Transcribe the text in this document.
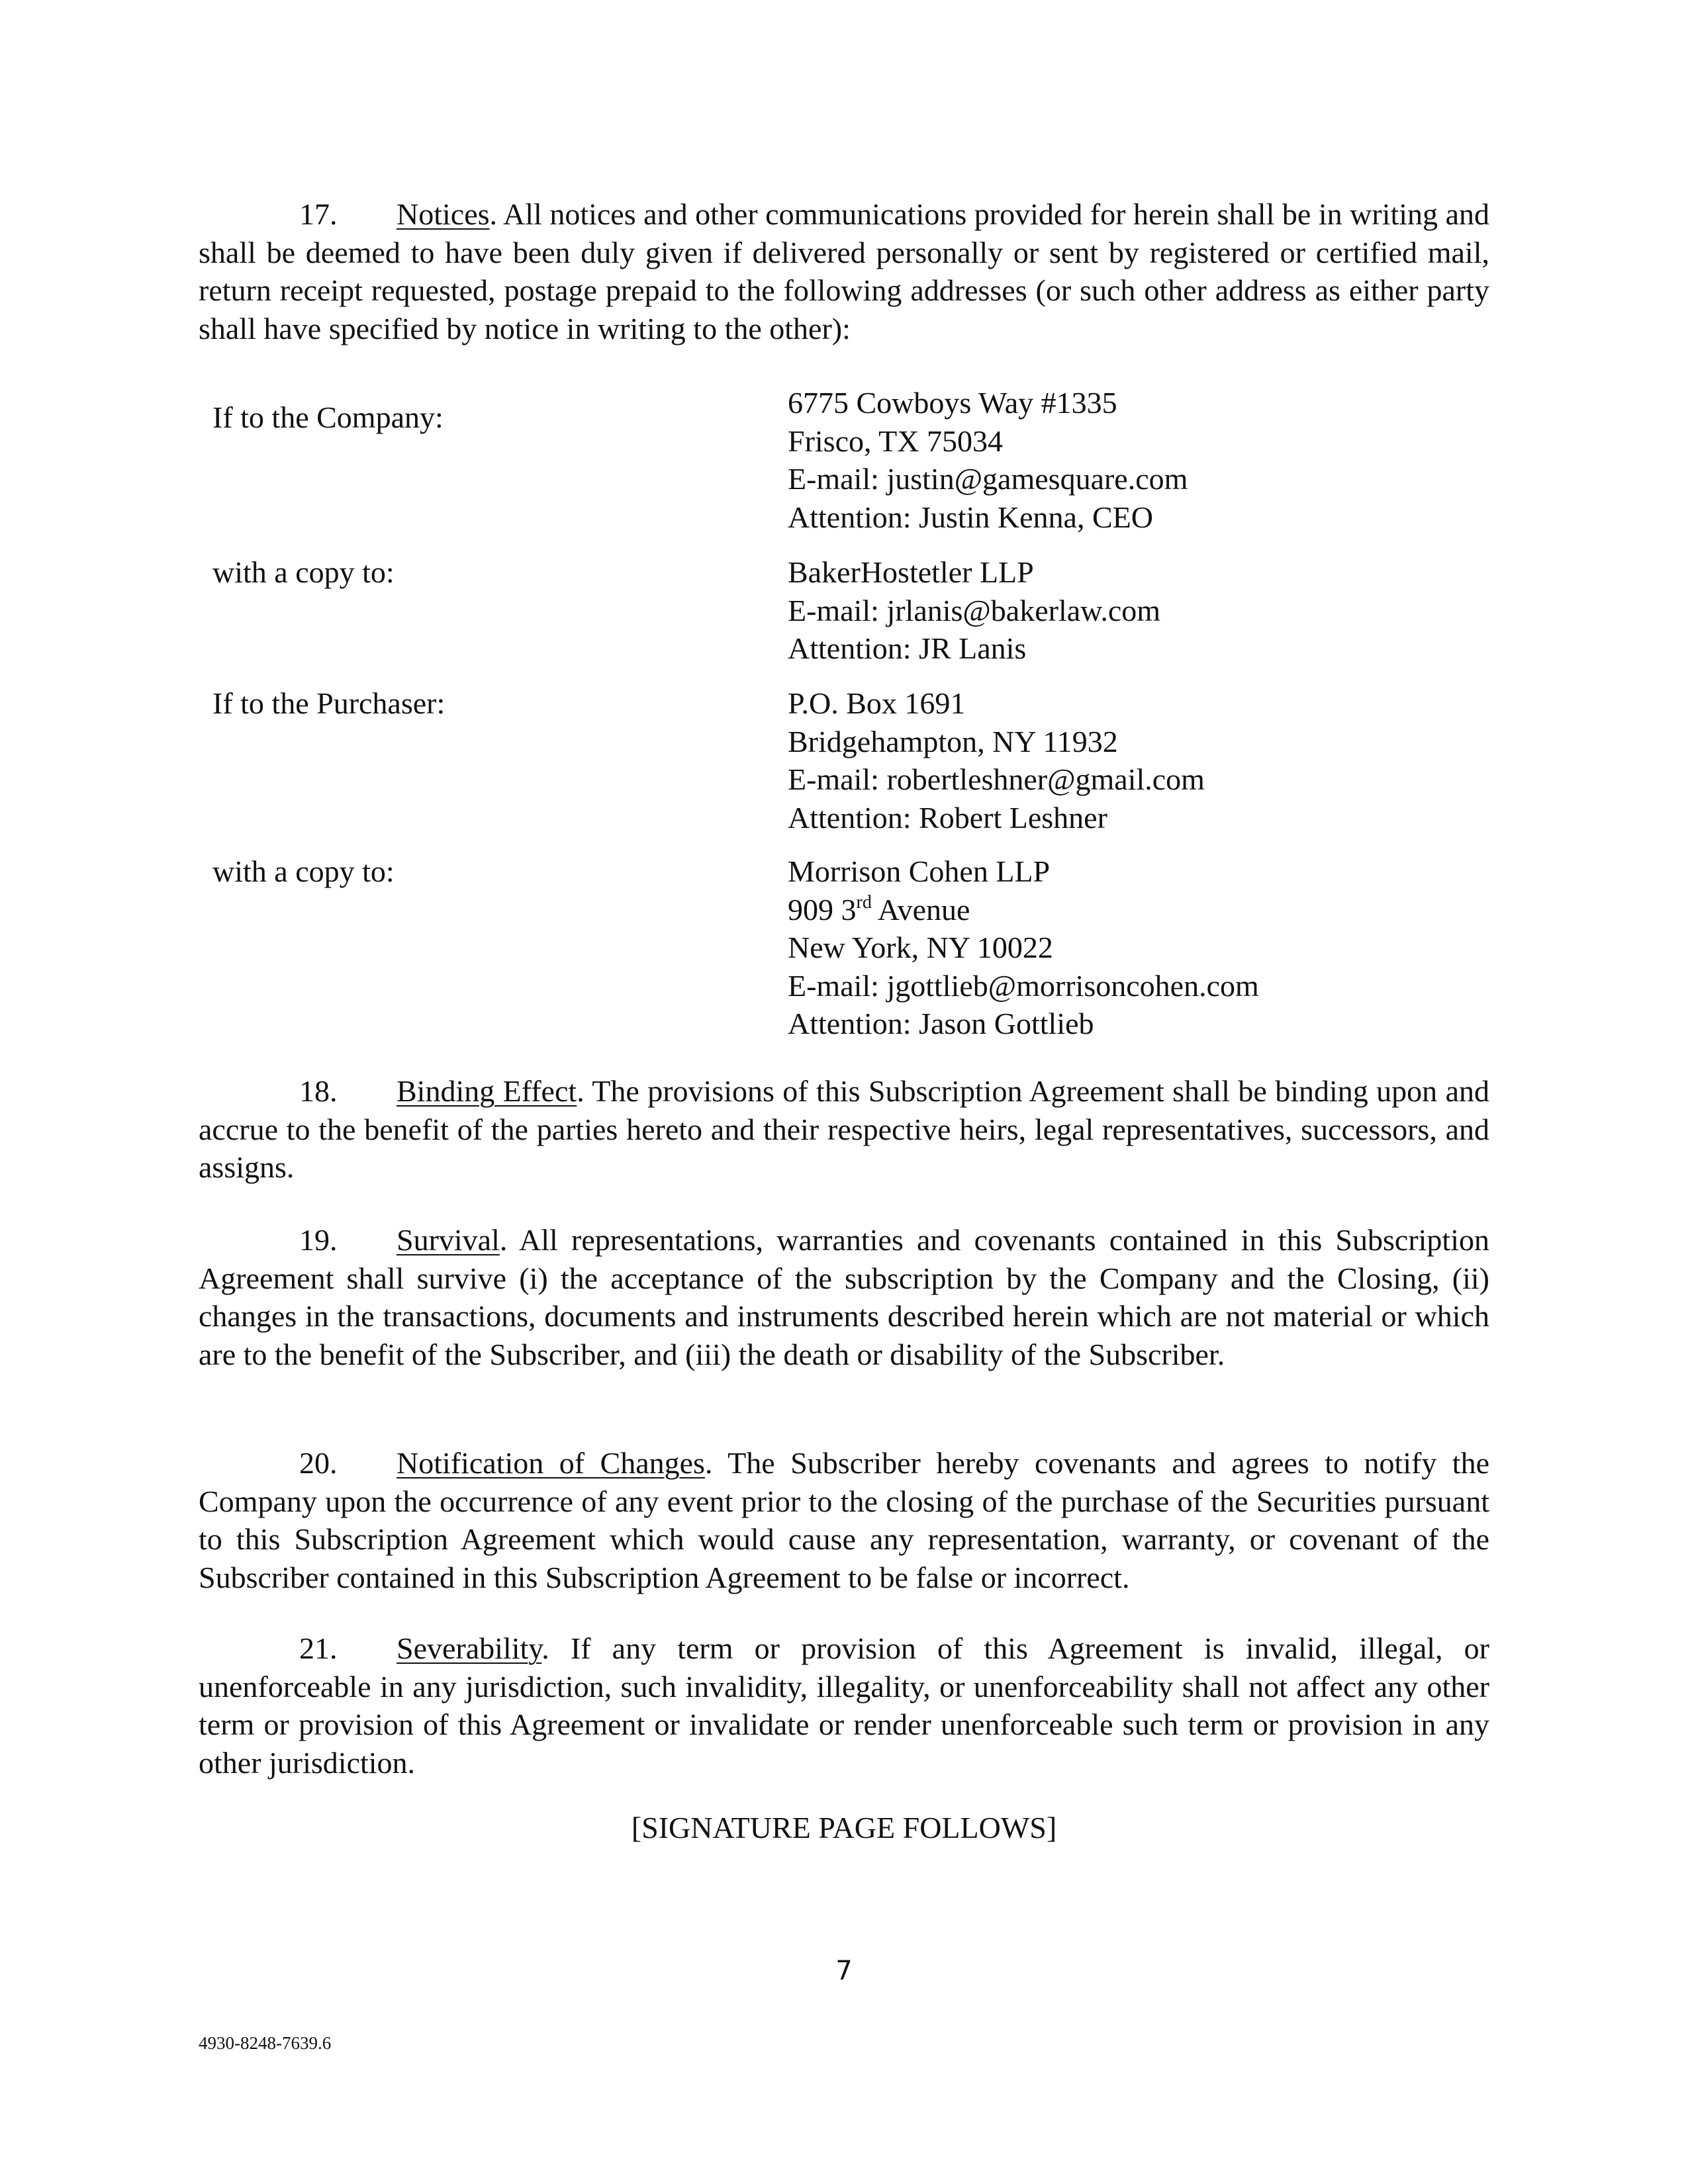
17. Notices. All notices and other communications provided for herein shall be in writing and shall be deemed to have been duly given if delivered personally or sent by registered or certified mail, return receipt requested, postage prepaid to the following addresses (or such other address as either party shall have specified by notice in writing to the other):

If to the Company:	6775 Cowboys Way #1335
Frisco, TX 75034
E-mail: justin@gamesquare.com
Attention: Justin Kenna, CEO

with a copy to:	BakerHostetler LLP
E-mail: jrlanis@bakerlaw.com
Attention: JR Lanis

If to the Purchaser:	P.O. Box 1691
Bridgehampton, NY 11932
E-mail: robertleshner@gmail.com
Attention: Robert Leshner

with a copy to:	Morrison Cohen LLP
909 3rd Avenue
New York, NY 10022
E-mail: jgottlieb@morrisoncohen.com
Attention: Jason Gottlieb

18. Binding Effect. The provisions of this Subscription Agreement shall be binding upon and accrue to the benefit of the parties hereto and their respective heirs, legal representatives, successors, and assigns.

19. Survival. All representations, warranties and covenants contained in this Subscription Agreement shall survive (i) the acceptance of the subscription by the Company and the Closing, (ii) changes in the transactions, documents and instruments described herein which are not material or which are to the benefit of the Subscriber, and (iii) the death or disability of the Subscriber.

20. Notification of Changes. The Subscriber hereby covenants and agrees to notify the Company upon the occurrence of any event prior to the closing of the purchase of the Securities pursuant to this Subscription Agreement which would cause any representation, warranty, or covenant of the Subscriber contained in this Subscription Agreement to be false or incorrect.

21. Severability. If any term or provision of this Agreement is invalid, illegal, or unenforceable in any jurisdiction, such invalidity, illegality, or unenforceability shall not affect any other term or provision of this Agreement or invalidate or render unenforceable such term or provision in any other jurisdiction.

[SIGNATURE PAGE FOLLOWS]

7

4930-8248-7639.6
